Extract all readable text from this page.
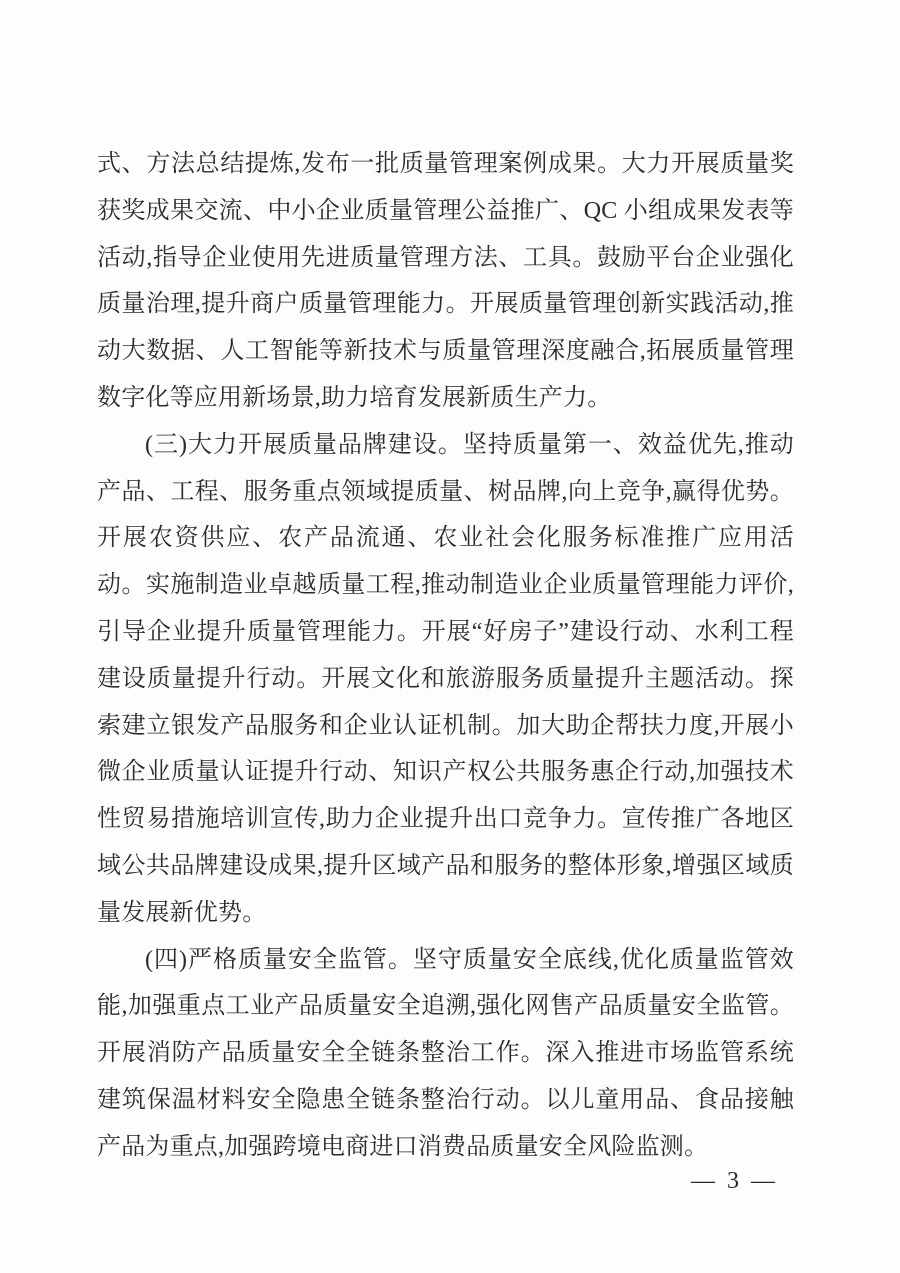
式、方法总结提炼,发布一批质量管理案例成果。大力开展质量奖获奖成果交流、中小企业质量管理公益推广、QC 小组成果发表等活动,指导企业使用先进质量管理方法、工具。鼓励平台企业强化质量治理,提升商户质量管理能力。开展质量管理创新实践活动,推动大数据、人工智能等新技术与质量管理深度融合,拓展质量管理数字化等应用新场景,助力培育发展新质生产力。

(三)大力开展质量品牌建设。坚持质量第一、效益优先,推动产品、工程、服务重点领域提质量、树品牌,向上竞争,赢得优势。开展农资供应、农产品流通、农业社会化服务标准推广应用活动。实施制造业卓越质量工程,推动制造业企业质量管理能力评价,引导企业提升质量管理能力。开展“好房子”建设行动、水利工程建设质量提升行动。开展文化和旅游服务质量提升主题活动。探索建立银发产品服务和企业认证机制。加大助企帮扶力度,开展小微企业质量认证提升行动、知识产权公共服务惠企行动,加强技术性贸易措施培训宣传,助力企业提升出口竞争力。宣传推广各地区域公共品牌建设成果,提升区域产品和服务的整体形象,增强区域质量发展新优势。

(四)严格质量安全监管。坚守质量安全底线,优化质量监管效能,加强重点工业产品质量安全追溯,强化网售产品质量安全监管。开展消防产品质量安全全链条整治工作。深入推进市场监管系统建筑保温材料安全隐患全链条整治行动。以儿童用品、食品接触产品为重点,加强跨境电商进口消费品质量安全风险监测。

— 3 —
